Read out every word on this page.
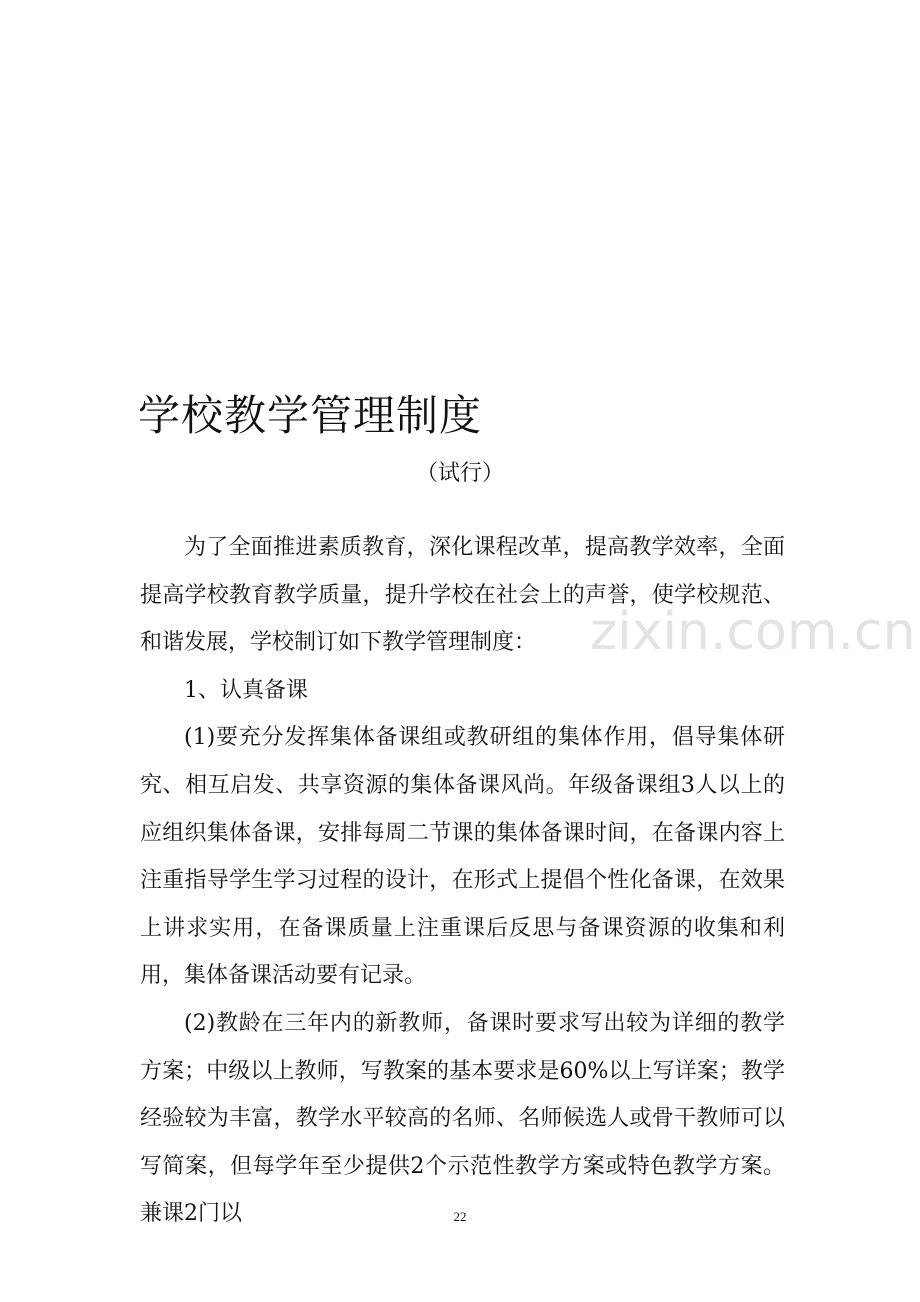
学校教学管理制度
（试行）

为了全面推进素质教育，深化课程改革，提高教学效率，全面提高学校教育教学质量，提升学校在社会上的声誉，使学校规范、和谐发展，学校制订如下教学管理制度：

1、认真备课

(1)要充分发挥集体备课组或教研组的集体作用，倡导集体研究、相互启发、共享资源的集体备课风尚。年级备课组3人以上的应组织集体备课，安排每周二节课的集体备课时间，在备课内容上注重指导学生学习过程的设计，在形式上提倡个性化备课，在效果上讲求实用，在备课质量上注重课后反思与备课资源的收集和利用，集体备课活动要有记录。

(2)教龄在三年内的新教师，备课时要求写出较为详细的教学方案；中级以上教师，写教案的基本要求是60%以上写详案；教学经验较为丰富，教学水平较高的名师、名师候选人或骨干教师可以写简案，但每学年至少提供2个示范性教学方案或特色教学方案。兼课2门以

zixin.com.cn
22
